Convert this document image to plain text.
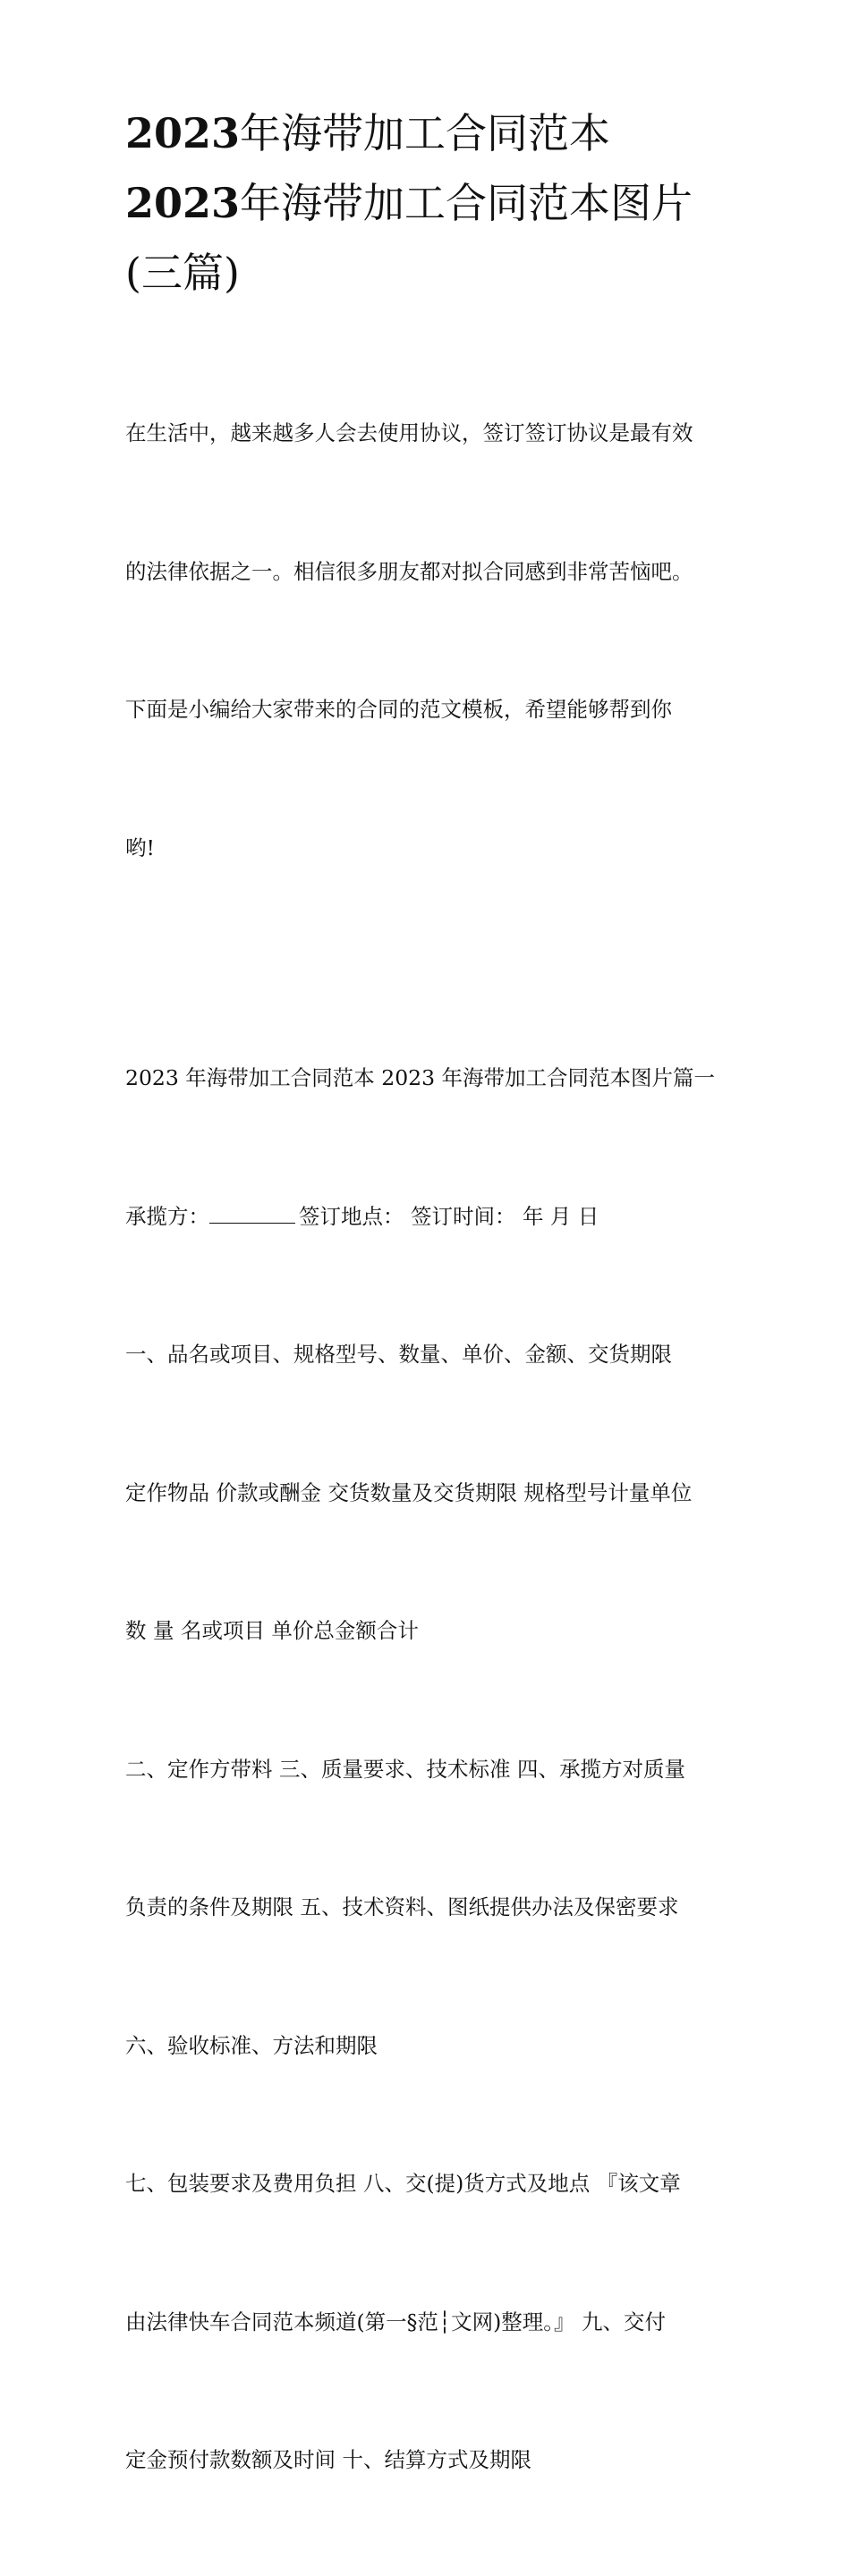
2023年海带加工合同范本
2023年海带加工合同范本图片
(三篇)

在生活中，越来越多人会去使用协议，签订签订协议是最有效

的法律依据之一。相信很多朋友都对拟合同感到非常苦恼吧。

下面是小编给大家带来的合同的范文模板，希望能够帮到你

哟!

2023 年海带加工合同范本 2023 年海带加工合同范本图片篇一

承揽方：	签订地点： 签订时间： 年 月 日

一、品名或项目、规格型号、数量、单价、金额、交货期限

定作物品 价款或酬金 交货数量及交货期限 规格型号计量单位

数 量 名或项目 单价总金额合计

二、定作方带料 三、质量要求、技术标准 四、承揽方对质量

负责的条件及期限 五、技术资料、图纸提供办法及保密要求

六、验收标准、方法和期限

七、包装要求及费用负担 八、交(提)货方式及地点 『该文章

由法律快车合同范本频道(第一§范┆文网)整理。』 九、交付

定金预付款数额及时间 十、结算方式及期限
